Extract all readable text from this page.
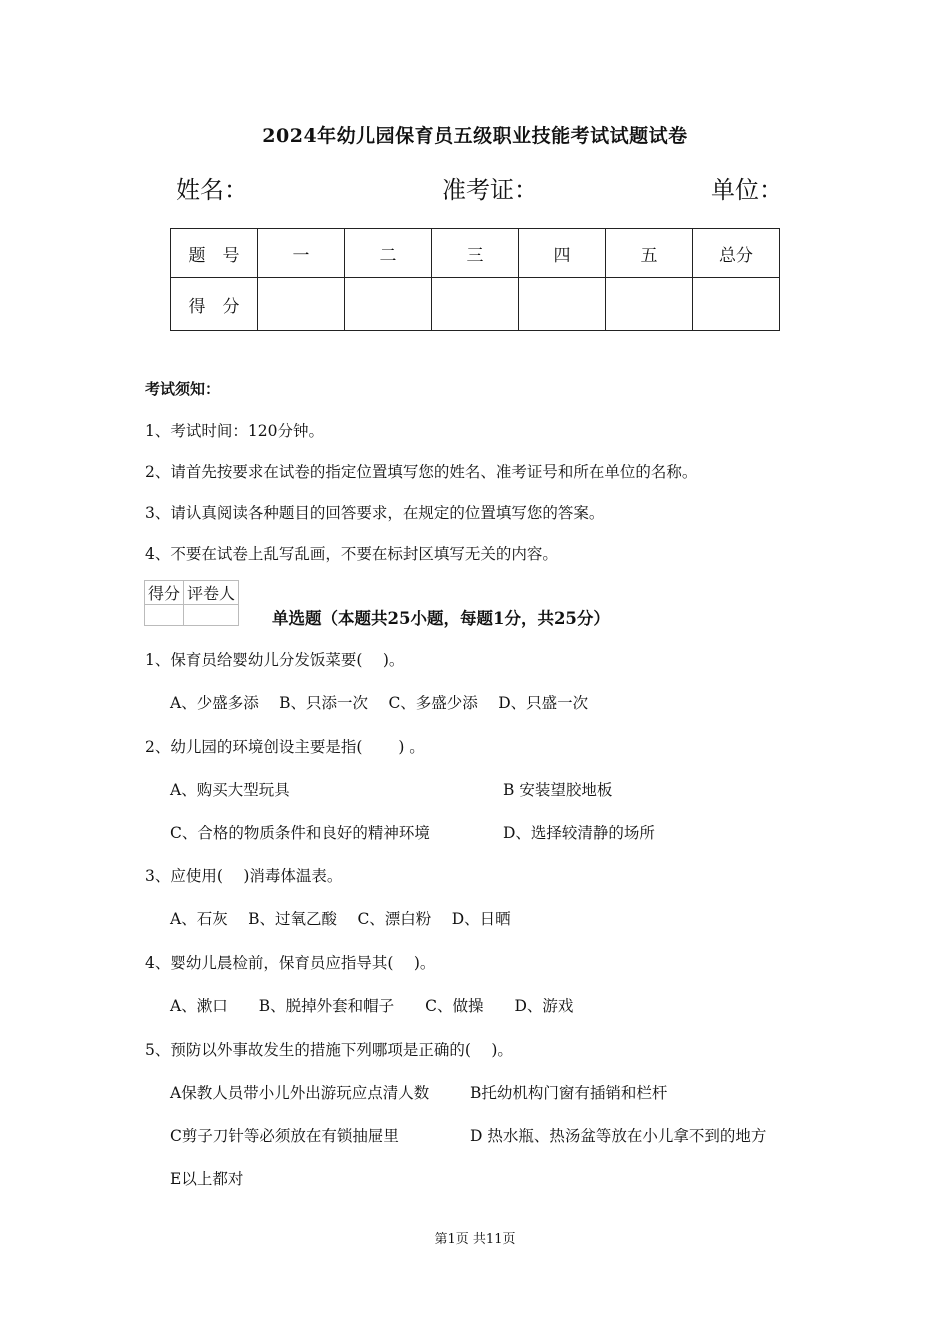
2024年幼儿园保育员五级职业技能考试试题试卷
姓名：	准考证：	单位：
题　号	一	二	三	四	五	总分
得　分						
考试须知：
1、考试时间：120分钟。
2、请首先按要求在试卷的指定位置填写您的姓名、准考证号和所在单位的名称。
3、请认真阅读各种题目的回答要求，在规定的位置填写您的答案。
4、不要在试卷上乱写乱画，不要在标封区填写无关的内容。
得分	评卷人

单选题（本题共25小题，每题1分，共25分）
1、保育员给婴幼儿分发饭菜要(　 )。
A、少盛多添　 B、只添一次　 C、多盛少添　 D、只盛一次
2、幼儿园的环境创设主要是指(　　 ) 。
A、购买大型玩具	B 安装望胶地板
C、合格的物质条件和良好的精神环境	D、选择较清静的场所
3、应使用(　 )消毒体温表。
A、石灰　 B、过氧乙酸　 C、漂白粉　 D、日晒
4、婴幼儿晨检前，保育员应指导其(　 )。
A、漱口　　B、脱掉外套和帽子　　C、做操　　D、游戏
5、预防以外事故发生的措施下列哪项是正确的(　 )。
A保教人员带小儿外出游玩应点清人数	B托幼机构门窗有插销和栏杆
C剪子刀针等必须放在有锁抽屉里	D 热水瓶、热汤盆等放在小儿拿不到的地方
E以上都对
第1页 共11页
